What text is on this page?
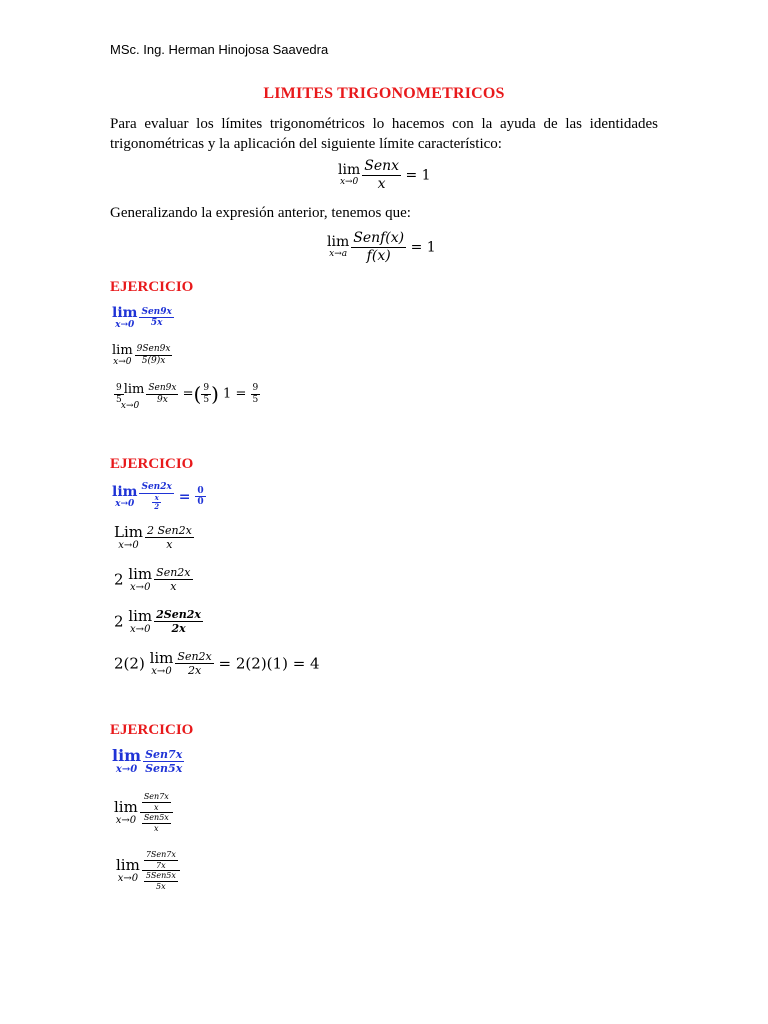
MSc. Ing. Herman Hinojosa Saavedra
LIMITES TRIGONOMETRICOS
Para evaluar los límites trigonométricos lo hacemos con la ayuda de las identidades trigonométricas y la aplicación del siguiente límite característico:
lim
$x\to 0 \frac{\text{Senx}}{x} = 1$
Generalizando la expresión anterior, tenemos que:
lim
$x\to a \frac{\text{Senf(x)}}{f(x)} = 1$
EJERCICIO
lim
$x\to 0 \frac{\text{Sen9x}}{5x}$
lim
$x\to 0 \frac{\text{9Sen9x}}{5(9)x}$
$\frac{9}{5}$ lim
x→0
$\frac{\text{Sen9x}}{9x}$ =( $\frac{9}{5}$ ) $1 = \frac{9}{5}$
EJERCICIO
lim
$x\to 0 \frac{\text{Sen2x}}{\frac{x}{2}} = \frac{0}{0}$
Lim
$x\to 0 \frac{\text{2 Sen2x}}{x}$
2 lim
$x\to 0 \frac{\text{Sen2x}}{x}$
2 lim
$x\to 0 \frac{\text{2Sen2x}}{2x}$
2(2) lim
$x\to 0 \frac{\text{Sen2x}}{2x} = 2(2)(1) = 4$
EJERCICIO
lim
$x\to 0 \frac{\text{Sen7x}}{\text{Sen5x}}$
lim
$x\to 0 \frac{\frac{\text{Sen7x}}{x}}{\frac{\text{Sen5x}}{x}}$
lim
$x\to 0 \frac{\frac{\text{7Sen7x}}{7x}}{\frac{\text{5Sen5x}}{5x}}$
